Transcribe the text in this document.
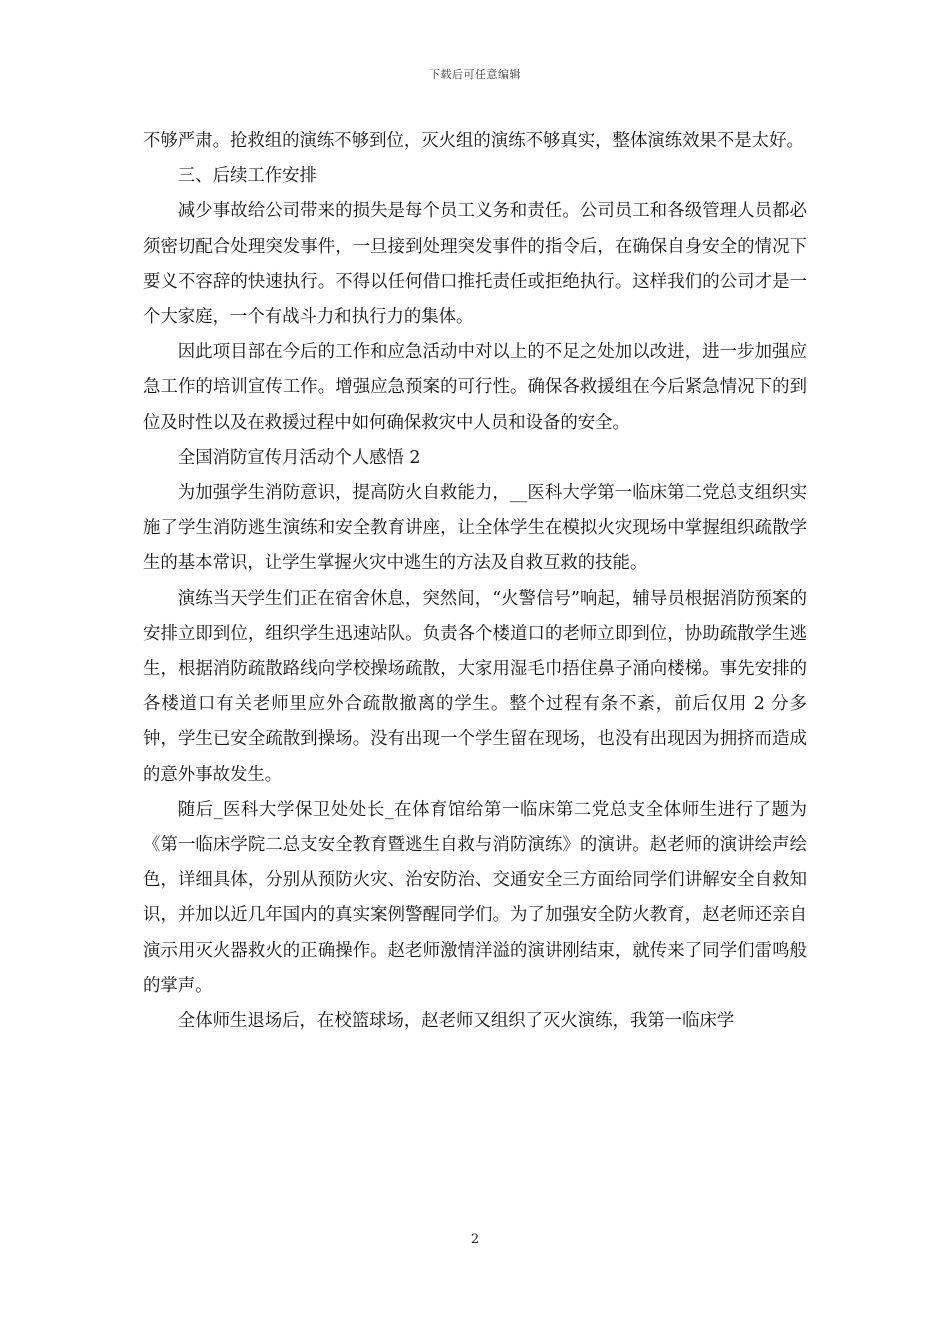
下载后可任意编辑

不够严肃。抢救组的演练不够到位，灭火组的演练不够真实，整体演练效果不是太好。

三、后续工作安排

减少事故给公司带来的损失是每个员工义务和责任。公司员工和各级管理人员都必须密切配合处理突发事件，一旦接到处理突发事件的指令后，在确保自身安全的情况下要义不容辞的快速执行。不得以任何借口推托责任或拒绝执行。这样我们的公司才是一个大家庭，一个有战斗力和执行力的集体。

因此项目部在今后的工作和应急活动中对以上的不足之处加以改进，进一步加强应急工作的培训宣传工作。增强应急预案的可行性。确保各救援组在今后紧急情况下的到位及时性以及在救援过程中如何确保救灾中人员和设备的安全。

全国消防宣传月活动个人感悟 2

为加强学生消防意识，提高防火自救能力，__医科大学第一临床第二党总支组织实施了学生消防逃生演练和安全教育讲座，让全体学生在模拟火灾现场中掌握组织疏散学生的基本常识，让学生掌握火灾中逃生的方法及自救互救的技能。

演练当天学生们正在宿舍休息，突然间，“火警信号”响起，辅导员根据消防预案的安排立即到位，组织学生迅速站队。负责各个楼道口的老师立即到位，协助疏散学生逃生，根据消防疏散路线向学校操场疏散，大家用湿毛巾捂住鼻子涌向楼梯。事先安排的各楼道口有关老师里应外合疏散撤离的学生。整个过程有条不紊，前后仅用 2 分多钟，学生已安全疏散到操场。没有出现一个学生留在现场，也没有出现因为拥挤而造成的意外事故发生。

随后_医科大学保卫处处长_在体育馆给第一临床第二党总支全体师生进行了题为《第一临床学院二总支安全教育暨逃生自救与消防演练》的演讲。赵老师的演讲绘声绘色，详细具体，分别从预防火灾、治安防治、交通安全三方面给同学们讲解安全自救知识，并加以近几年国内的真实案例警醒同学们。为了加强安全防火教育，赵老师还亲自演示用灭火器救火的正确操作。赵老师激情洋溢的演讲刚结束，就传来了同学们雷鸣般的掌声。

全体师生退场后，在校篮球场，赵老师又组织了灭火演练，我第一临床学

2
